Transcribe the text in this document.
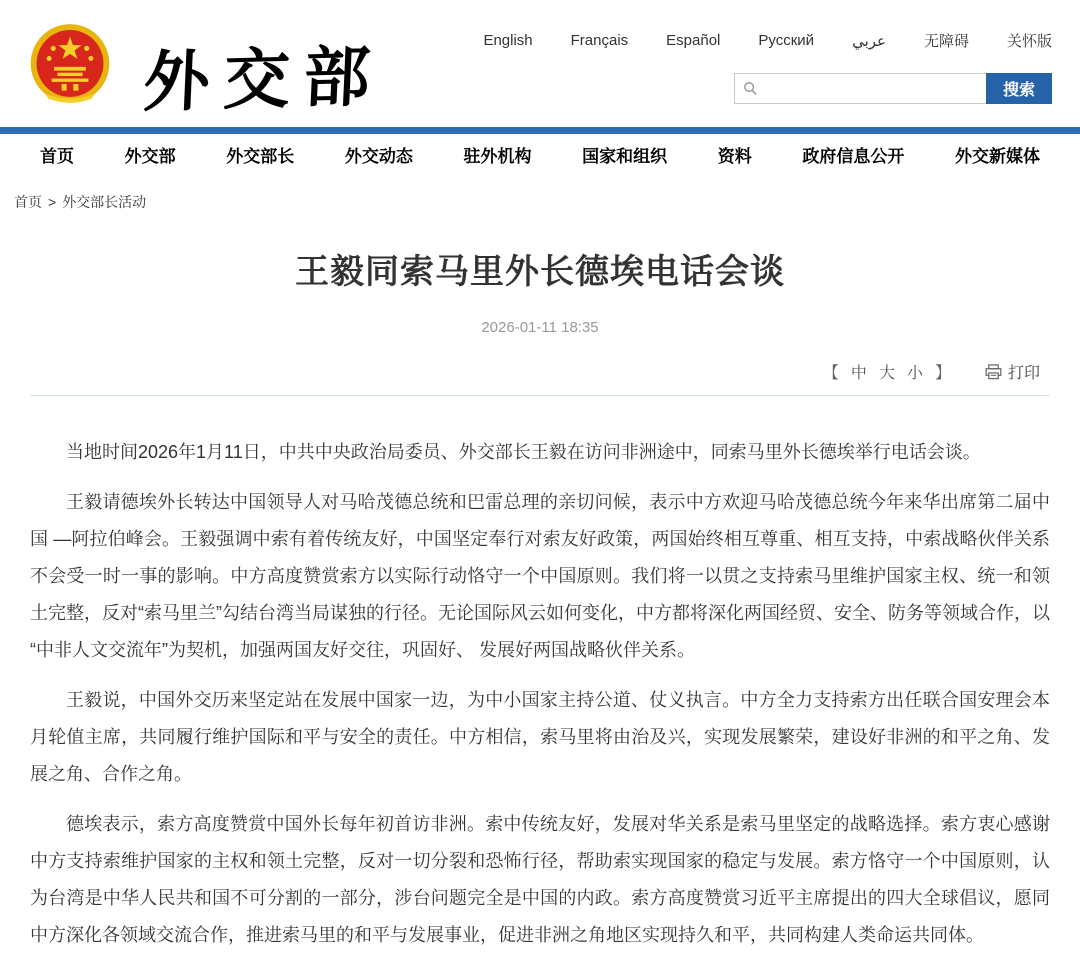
外交部	English	Français	Español	Русский	عربي	无障碍	关怀版
搜索
首页	外交部	外交部长	外交动态	驻外机构	国家和组织	资料	政府信息公开	外交新媒体
首页 > 外交部长活动
王毅同索马里外长德埃电话会谈
2026-01-11 18:35
【 中 大 小 】	打印

当地时间2026年1月11日，中共中央政治局委员、外交部长王毅在访问非洲途中，同索马里外长德埃举行电话会谈。

王毅请德埃外长转达中国领导人对马哈茂德总统和巴雷总理的亲切问候，表示中方欢迎马哈茂德总统今年来华出席第二届中国 —阿拉伯峰会。王毅强调中索有着传统友好，中国坚定奉行对索友好政策，两国始终相互尊重、相互支持，中索战略伙伴关系不会受一时一事的影响。中方高度赞赏索方以实际行动恪守一个中国原则。我们将一以贯之支持索马里维护国家主权、统一和领土完整，反对“索马里兰”勾结台湾当局谋独的行径。无论国际风云如何变化，中方都将深化两国经贸、安全、防务等领域合作，以“中非人文交流年”为契机，加强两国友好交往，巩固好、 发展好两国战略伙伴关系。

王毅说，中国外交历来坚定站在发展中国家一边，为中小国家主持公道、仗义执言。中方全力支持索方出任联合国安理会本月轮值主席，共同履行维护国际和平与安全的责任。中方相信，索马里将由治及兴，实现发展繁荣，建设好非洲的和平之角、发展之角、合作之角。

德埃表示，索方高度赞赏中国外长每年初首访非洲。索中传统友好，发展对华关系是索马里坚定的战略选择。索方衷心感谢中方支持索维护国家的主权和领土完整，反对一切分裂和恐怖行径，帮助索实现国家的稳定与发展。索方恪守一个中国原则，认为台湾是中华人民共和国不可分割的一部分，涉台问题完全是中国的内政。索方高度赞赏习近平主席提出的四大全球倡议，愿同中方深化各领域交流合作，推进索马里的和平与发展事业，促进非洲之角地区实现持久和平，共同构建人类命运共同体。
